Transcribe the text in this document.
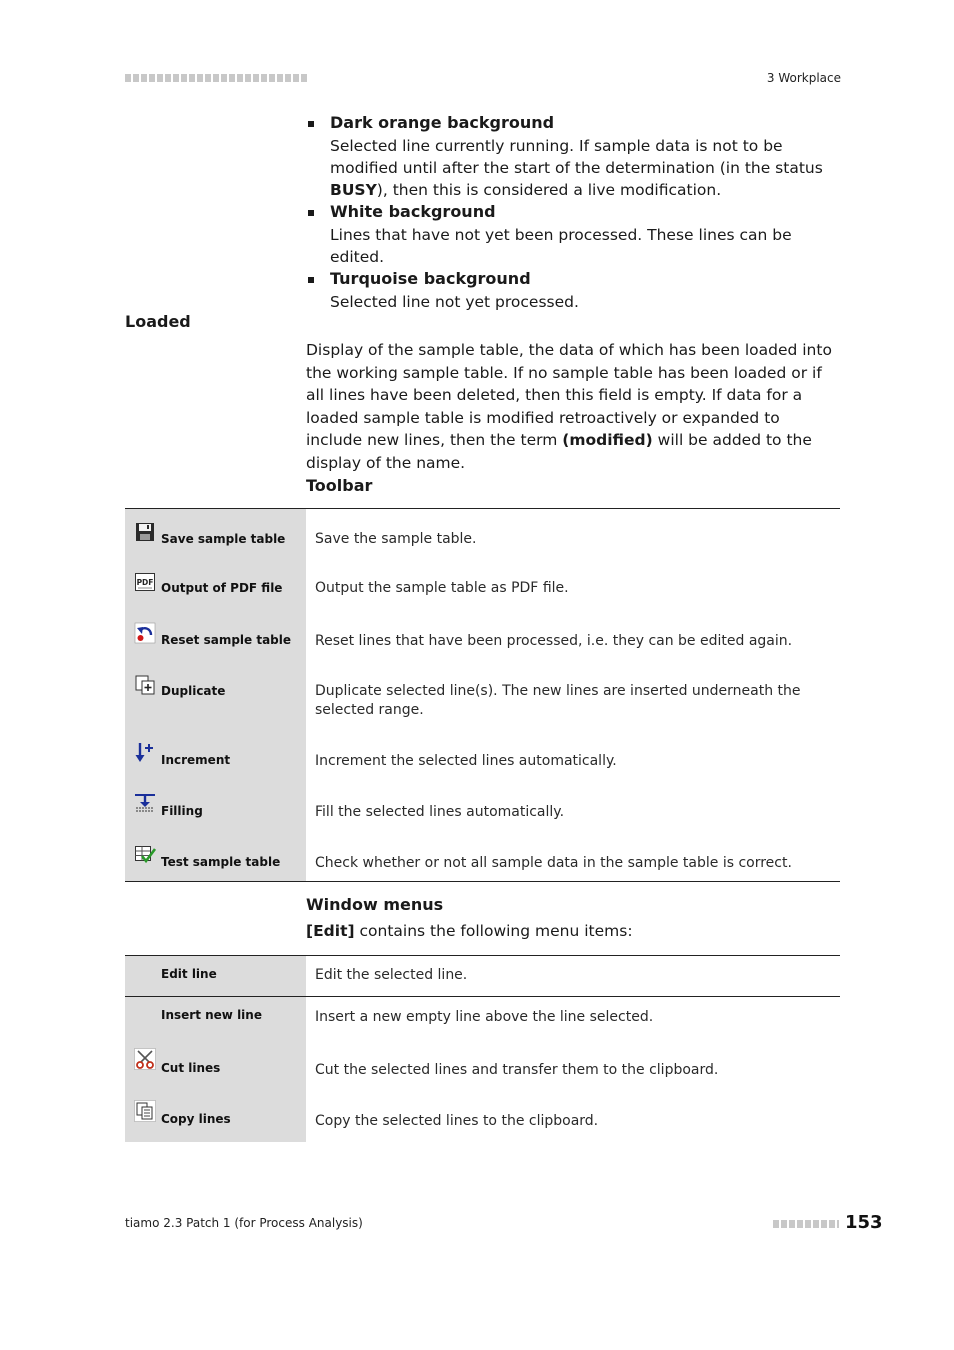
3 Workplace
Dark orange background
Selected line currently running. If sample data is not to be modified until after the start of the determination (in the status BUSY), then this is considered a live modification.
White background
Lines that have not yet been processed. These lines can be edited.
Turquoise background
Selected line not yet processed.
Loaded

Display of the sample table, the data of which has been loaded into the working sample table. If no sample table has been loaded or if all lines have been deleted, then this field is empty. If data for a loaded sample table is modified retroactively or expanded to include new lines, then the term (modified) will be added to the display of the name.

Toolbar
Save sample table	Save the sample table.

PDF Output of PDF file	Output the sample table as PDF file.

Reset sample table	Reset lines that have been processed, i.e. they can be edited again.

Duplicate	Duplicate selected line(s). The new lines are inserted underneath the selected range.

Increment	Increment the selected lines automatically.

Filling	Fill the selected lines automatically.

Test sample table	Check whether or not all sample data in the sample table is correct.
Window menus
[Edit] contains the following menu items:
Edit line	Edit the selected line.

Insert new line	Insert a new empty line above the line selected.

Cut lines	Cut the selected lines and transfer them to the clipboard.

Copy lines	Copy the selected lines to the clipboard.
tiamo 2.3 Patch 1 (for Process Analysis)	153
